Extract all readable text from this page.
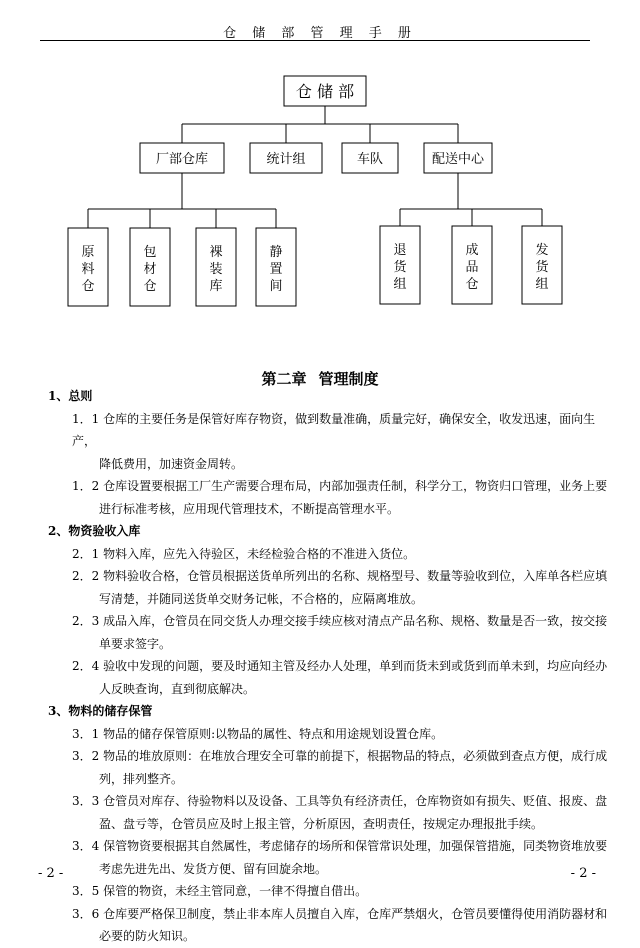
仓 储 部 管 理 手 册
仓 储 部
厂部仓库	统计组	车队	配送中心
原
料
仓
包
材
仓
裸
装
库
静
置
间
退
货
组
成
品
仓
发
货
组
第二章 管理制度

1、总则

1．1 仓库的主要任务是保管好库存物资，做到数量准确，质量完好，确保安全，收发迅速，面向生产，
降低费用，加速资金周转。

1．2 仓库设置要根据工厂生产需要合理布局，内部加强责任制，科学分工，物资归口管理，业务上要
进行标准考核，应用现代管理技术，不断提高管理水平。

2、物资验收入库

2．1 物料入库，应先入待验区，未经检验合格的不准进入货位。

2．2 物料验收合格，仓管员根据送货单所列出的名称、规格型号、数量等验收到位，入库单各栏应填
写清楚，并随同送货单交财务记帐，不合格的，应隔离堆放。

2．3 成品入库，仓管员在同交货人办理交接手续应核对清点产品名称、规格、数量是否一致，按交接
单要求签字。

2．4 验收中发现的问题，要及时通知主管及经办人处理，单到而货未到或货到而单未到，均应向经办
人反映查询，直到彻底解决。

3、物料的储存保管

3．1 物品的储存保管原则:以物品的属性、特点和用途规划设置仓库。

3．2 物品的堆放原则：在堆放合理安全可靠的前提下，根据物品的特点，必须做到查点方便，成行成
列，排列整齐。

3．3 仓管员对库存、待验物料以及设备、工具等负有经济责任，仓库物资如有损失、贬值、报废、盘
盈、盘亏等，仓管员应及时上报主管，分析原因，查明责任，按规定办理报批手续。

3．4 保管物资要根据其自然属性，考虑储存的场所和保管常识处理，加强保管措施，同类物资堆放要
考虑先进先出、发货方便、留有回旋余地。

3．5 保管的物资，未经主管同意，一律不得擅自借出。

3．6 仓库要严格保卫制度，禁止非本库人员擅自入库，仓库严禁烟火，仓管员要懂得使用消防器材和
必要的防火知识。

- 2 -	- 2 -
